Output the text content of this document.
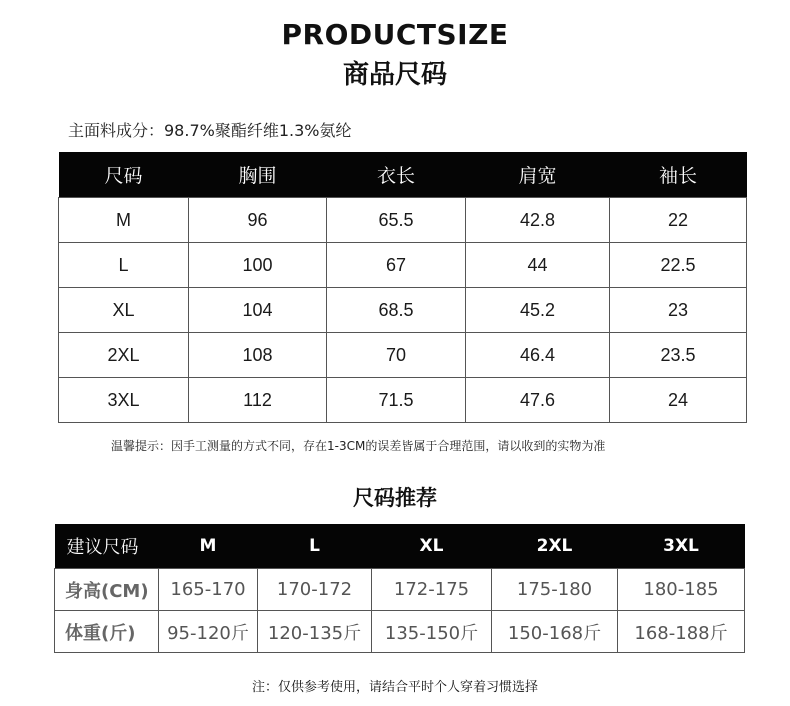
PRODUCTSIZE
商品尺码
主面料成分：98.7%聚酯纤维1.3%氨纶
尺码	胸围	衣长	肩宽	袖长
M	96	65.5	42.8	22
L	100	67	44	22.5
XL	104	68.5	45.2	23
2XL	108	70	46.4	23.5
3XL	112	71.5	47.6	24
温馨提示：因手工测量的方式不同，存在1-3CM的误差皆属于合理范围，请以收到的实物为准
尺码推荐
建议尺码	M	L	XL	2XL	3XL
身高(CM)	165-170	170-172	172-175	175-180	180-185
体重(斤)	95-120斤	120-135斤	135-150斤	150-168斤	168-188斤
注：仅供参考使用，请结合平时个人穿着习惯选择
